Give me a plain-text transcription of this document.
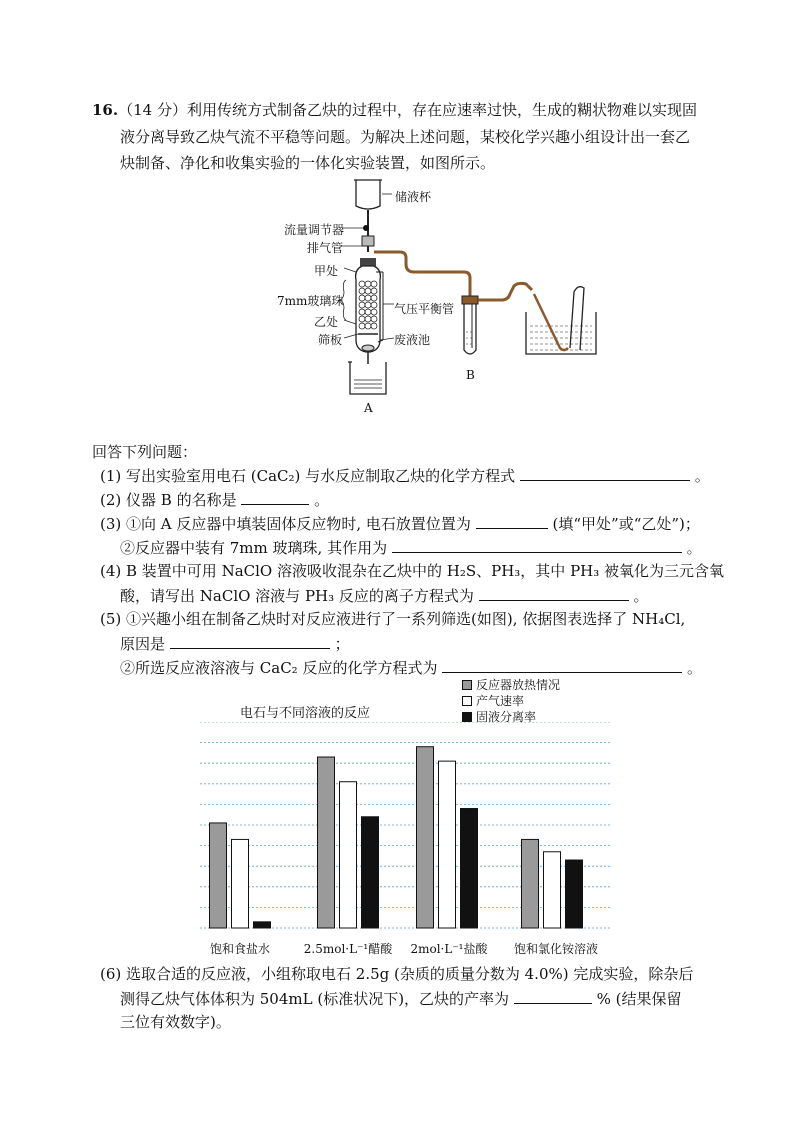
16.（14 分）利用传统方式制备乙炔的过程中，存在应速率过快，生成的糊状物难以实现固
液分离导致乙炔气流不平稳等问题。为解决上述问题，某校化学兴趣小组设计出一套乙
炔制备、净化和收集实验的一体化实验装置，如图所示。
储液杯
流量调节器
排气管
甲处
7mm玻璃珠
乙处
筛板
气压平衡管
废液池
A
B
回答下列问题：
(1) 写出实验室用电石 (CaC₂) 与水反应制取乙炔的化学方程式	。
(2) 仪器 B 的名称是	。
(3) ①向 A 反应器中填装固体反应物时, 电石放置位置为	(填“甲处”或“乙处”)；
②反应器中装有 7mm 玻璃珠, 其作用为	。
(4) B 装置中可用 NaClO 溶液吸收混杂在乙炔中的 H₂S、PH₃，其中 PH₃ 被氧化为三元含氧
酸，请写出 NaClO 溶液与 PH₃ 反应的离子方程式为	。
(5) ①兴趣小组在制备乙炔时对反应液进行了一系列筛选(如图), 依据图表选择了 NH₄Cl,
原因是	；
②所选反应液溶液与 CaC₂ 反应的化学方程式为	。
电石与不同溶液的反应
反应器放热情况
产气速率
固液分离率
饱和食盐水	2.5mol·L⁻¹醋酸	2mol·L⁻¹盐酸	饱和氯化铵溶液
(6) 选取合适的反应液，小组称取电石 2.5g (杂质的质量分数为 4.0%) 完成实验，除杂后
测得乙炔气体体积为 504mL (标准状况下)，乙炔的产率为	% (结果保留
三位有效数字)。
